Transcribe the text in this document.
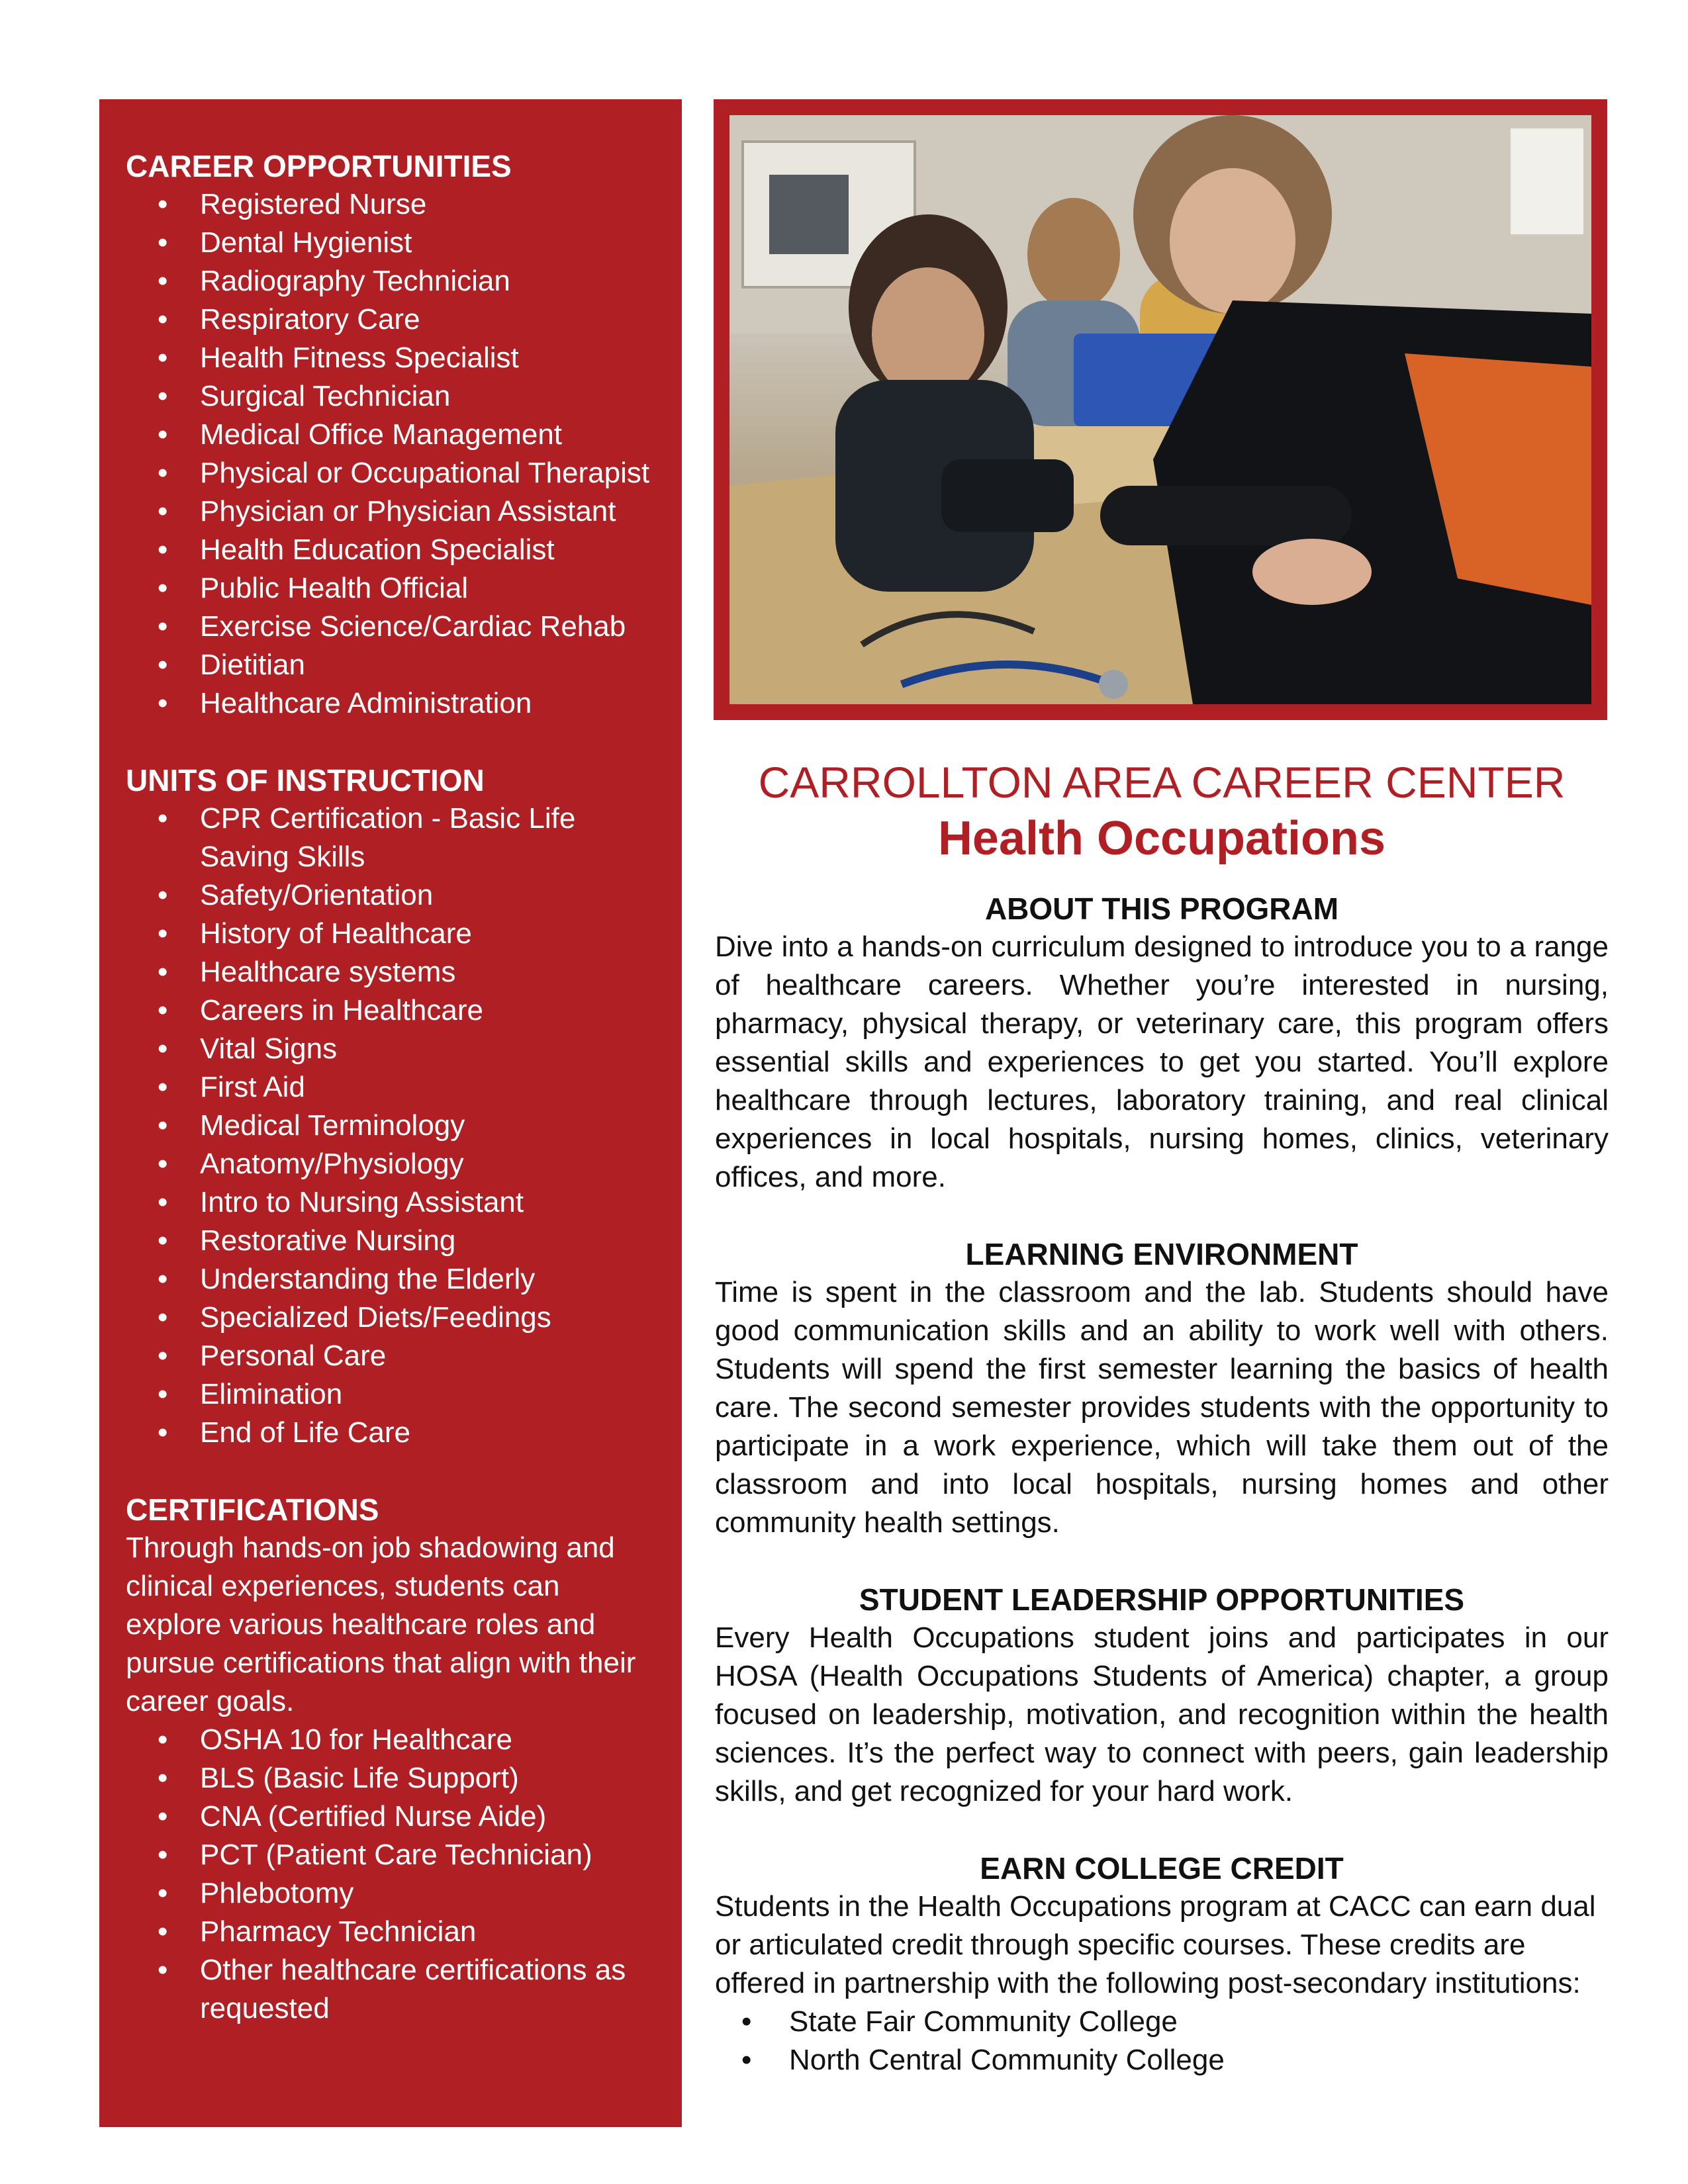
CAREER OPPORTUNITIES
• Registered Nurse
• Dental Hygienist
• Radiography Technician
• Respiratory Care
• Health Fitness Specialist
• Surgical Technician
• Medical Office Management
• Physical or Occupational Therapist
• Physician or Physician Assistant
• Health Education Specialist
• Public Health Official
• Exercise Science/Cardiac Rehab
• Dietitian
• Healthcare Administration
UNITS OF INSTRUCTION
• CPR Certification - Basic Life Saving Skills
• Safety/Orientation
• History of Healthcare
• Healthcare systems
• Careers in Healthcare
• Vital Signs
• First Aid
• Medical Terminology
• Anatomy/Physiology
• Intro to Nursing Assistant
• Restorative Nursing
• Understanding the Elderly
• Specialized Diets/Feedings
• Personal Care
• Elimination
• End of Life Care
CERTIFICATIONS

Through hands-on job shadowing and clinical experiences, students can explore various healthcare roles and pursue certifications that align with their career goals.

• OSHA 10 for Healthcare
• BLS (Basic Life Support)
• CNA (Certified Nurse Aide)
• PCT (Patient Care Technician)
• Phlebotomy
• Pharmacy Technician
• Other healthcare certifications as requested
CARROLLTON AREA CAREER CENTER
Health Occupations
ABOUT THIS PROGRAM

Dive into a hands-on curriculum designed to introduce you to a range of healthcare careers. Whether you’re interested in nursing, pharmacy, physical therapy, or veterinary care, this program offers essential skills and experiences to get you started. You’ll explore healthcare through lectures, laboratory training, and real clinical experiences in local hospitals, nursing homes, clinics, veterinary offices, and more.

LEARNING ENVIRONMENT

Time is spent in the classroom and the lab. Students should have good communication skills and an ability to work well with others. Students will spend the first semester learning the basics of health care. The second semester provides students with the opportunity to participate in a work experience, which will take them out of the classroom and into local hospitals, nursing homes and other community health settings.

STUDENT LEADERSHIP OPPORTUNITIES

Every Health Occupations student joins and participates in our HOSA (Health Occupations Students of America) chapter, a group focused on leadership, motivation, and recognition within the health sciences. It’s the perfect way to connect with peers, gain leadership skills, and get recognized for your hard work.

EARN COLLEGE CREDIT

Students in the Health Occupations program at CACC can earn dual or articulated credit through specific courses. These credits are offered in partnership with the following post-secondary institutions:

• State Fair Community College
• North Central Community College
